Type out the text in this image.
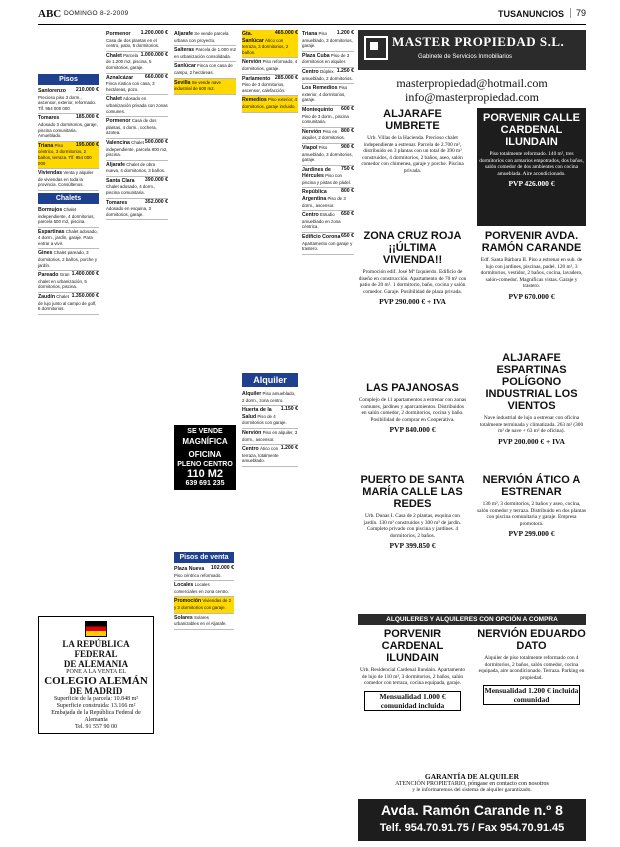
ABC DOMINGO 8-2-2009	TUSANUNCIOS	79
Pisos
210.000 €
Sanlorenzo Precioso piso 3 dorm., ascensor, exterior, reformado. Tlf. 954 000 000
185.000 €
Tomares Adosado 3 dormitorios, garaje, piscina comunitaria. Amueblado.
195.000 €
Triana Piso céntrico, 3 dormitorios, 2 baños, terraza. Tlf. 954 000 000
Viviendas Venta y alquiler de viviendas en toda la provincia. Consúltenos.
Chalets
Bormujos Chalet independiente, 4 dormitorios, parcela 500 m2, piscina.
Espartinas Chalet adosado, 4 dorm., jardín, garaje. Para entrar a vivir.
Gines Chalet pareado, 3 dormitorios, 2 baños, porche y jardín.
1.400.000 €
Pareado Gran chalet en urbanización, 5 dormitorios, piscina.
1.350.000 €
Zaudín Chalet de lujo junto al campo de golf, 6 dormitorios.
LA REPÚBLICA
FEDERAL
DE ALEMANIA
PONE A LA VENTA EL
COLEGIO ALEMÁN
DE MADRID
Superficie de la parcela: 10.848 m²
Superficie construida: 13.166 m²
Embajada de la República Federal de Alemania
Tel. 91 557 90 00
1.200.000 €
Pormenor Casa de dos plantas en el centro, patio, 5 dormitorios.
1.000.000 €
Chalet Parcela de 1.200 m2, piscina, 5 dormitorios, garaje.
660.000 €
Aznalcázar Finca rústica con casa, 3 hectáreas, pozo.
Chalet Adosado en urbanización privada con zonas comunes.
Pormenor Casa de dos plantas, 4 dorm., cochera, azotea.
500.000 €
Valencina Chalet independiente, parcela 800 m2, piscina.
Aljarafe Chalet de obra nueva, 4 dormitorios, 3 baños.
390.000 €
Santa Clara Chalet adosado, 4 dorm., piscina comunitaria.
352.000 €
Tomares Adosado en esquina, 3 dormitorios, garaje.
Aljarafe Se vende parcela urbana con proyecto.
Salteras Parcela de 1.000 m2 en urbanización consolidada.
Sanlúcar Finca con casa de campo, 2 hectáreas.
Sevilla Se vende nave industrial de 600 m2.
SE VENDE
MAGNÍFICA OFICINA
PLENO CENTRO
110 M2
639 691 235
Pisos de venta
102.000 €
Plaza Nueva Piso céntrico reformado.
Locales Locales comerciales en zona centro.
Promoción Viviendas de 2 y 3 dormitorios con garaje.
Solares Solares urbanizables en el Aljarafe.
465.000 €
Gta. Sanlúcar Ático con terraza, 3 dormitorios, 2 baños.
Nervión Piso reformado, 4 dormitorios, garaje.
285.000 €
Parlamento Piso de 3 dormitorios, ascensor, calefacción.
Remedios Piso exterior, 4 dormitorios, garaje incluido.
Alquiler
Alquiler Piso amueblado, 2 dorm., zona centro.
1.150 €
Huerta de la Salud Piso de 4 dormitorios con garaje.
Nervión Piso en alquiler, 3 dorm., ascensor.
1.200 €
Centro Ático con terraza, totalmente amueblado.
1.200 €
Triana Piso amueblado, 3 dormitorios, garaje.
Plaza Cuba Piso de 3 dormitorios en alquiler.
1.250 €
Centro Dúplex amueblado, 2 dormitorios.
Los Remedios Piso exterior, 4 dormitorios, garaje.
600 €
Montequinto Piso de 3 dorm., piscina comunitaria.
800 €
Nervión Piso en alquiler, 2 dormitorios.
900 €
Viapol Piso amueblado, 3 dormitorios, garaje.
750 €
Jardines de Hércules Piso con piscina y pistas de pádel.
800 €
República Argentina Piso de 3 dorm., ascensor.
650 €
Centro Estudio amueblado en zona céntrica.
650 €
Edificio Corona Apartamento con garaje y trastero.
MASTER PROPIEDAD S.L.
Gabinete de Servicios Inmobiliarios
masterpropiedad@hotmail.com
info@masterpropiedad.com
ALJARAFE UMBRETE
Urb. Villas de la Hacienda. Precioso chalet independiente a estrenar. Parcela de 2.700 m², distribuido en 3 plantas con un total de 390 m² construidos, 4 dormitorios, 2 baños, aseo, salón comedor con chimenea, garaje y porche. Piscina privada.
PORVENIR CALLE CARDENAL ILUNDAIN
Piso totalmente reformado. 140 m², tres dormitorios con armarios empotrados, dos baños, salón comedor de dos ambientes con cocina amueblada. Aire acondicionado.
PVP 426.000 €
ZONA CRUZ ROJA ¡¡ÚLTIMA VIVIENDA!!
Promoción edif. José Mª Izquierdo. Edificio de diseño en construcción. Apartamento de 70 m² con patio de 20 m². 1 dormitorio, baño, cocina y salón comedor. Garaje. Posibilidad de plaza privada.
PVP 290.000 € + IVA
PORVENIR AVDA. RAMÓN CARANDE
Edf. Santa Bárbara II. Piso a estrenar en sub. de lujo con jardines, piscinas, padel. 120 m², 3 dormitorios, vestidor, 2 baños, cocina, lavadero, salón-comedor. Magníficas vistas. Garaje y trastero.
PVP 670.000 €
LAS PAJANOSAS
Complejo de 11 apartamentos a estrenar con zonas comunes, jardines y aparcamientos. Distribuidos en salón comedor, 2 dormitorios, cocina y baño. Posibilidad de comprar en Cooperativa.
PVP 840.000 €
ALJARAFE ESPARTINAS POLÍGONO INDUSTRIAL LOS VIENTOS
Nave industrial de lujo a estrenar con oficina totalmente terminada y climatizada. 263 m² (300 m² de nave + 63 m² de oficina).
PVP 200.000 € + IVA
PUERTO DE SANTA MARÍA CALLE LAS REDES
Urb. Dunas I. Casa de 2 plantas, esquina con jardín. 130 m² construidos y 300 m² de jardín. Completo privado con piscina y jardines. 4 dormitorios, 2 baños.
PVP 399.850 €
NERVIÓN ÁTICO A ESTRENAR
130 m², 3 dormitorios, 2 baños y aseo, cocina, salón comedor y terraza. Distribuido en dos plantas con piscina comunitaria y garaje. Empresa promotora.
PVP 299.000 €
ALQUILERES Y ALQUILERES CON OPCIÓN A COMPRA
PORVENIR CARDENAL ILUNDAIN
Urb. Residencial Cardenal Ilundain. Apartamento de lujo de 110 m², 3 dormitorios, 2 baños, salón comedor con terraza, cocina equipada, garaje.
Mensualidad 1.000 € comunidad incluida
NERVIÓN EDUARDO DATO
Alquiler de piso totalmente reformado con 4 dormitorios, 2 baños, salón comedor, cocina equipada, aire acondicionado. Terraza. Parking en propiedad.
Mensualidad 1.200 € incluida comunidad
GARANTÍA DE ALQUILER
ATENCIÓN PROPIETARIO, póngase en contacto con nosotros
y le informaremos del sistema de alquiler garantizado.
Avda. Ramón Carande n.º 8
Telf. 954.70.91.75 / Fax 954.70.91.45
